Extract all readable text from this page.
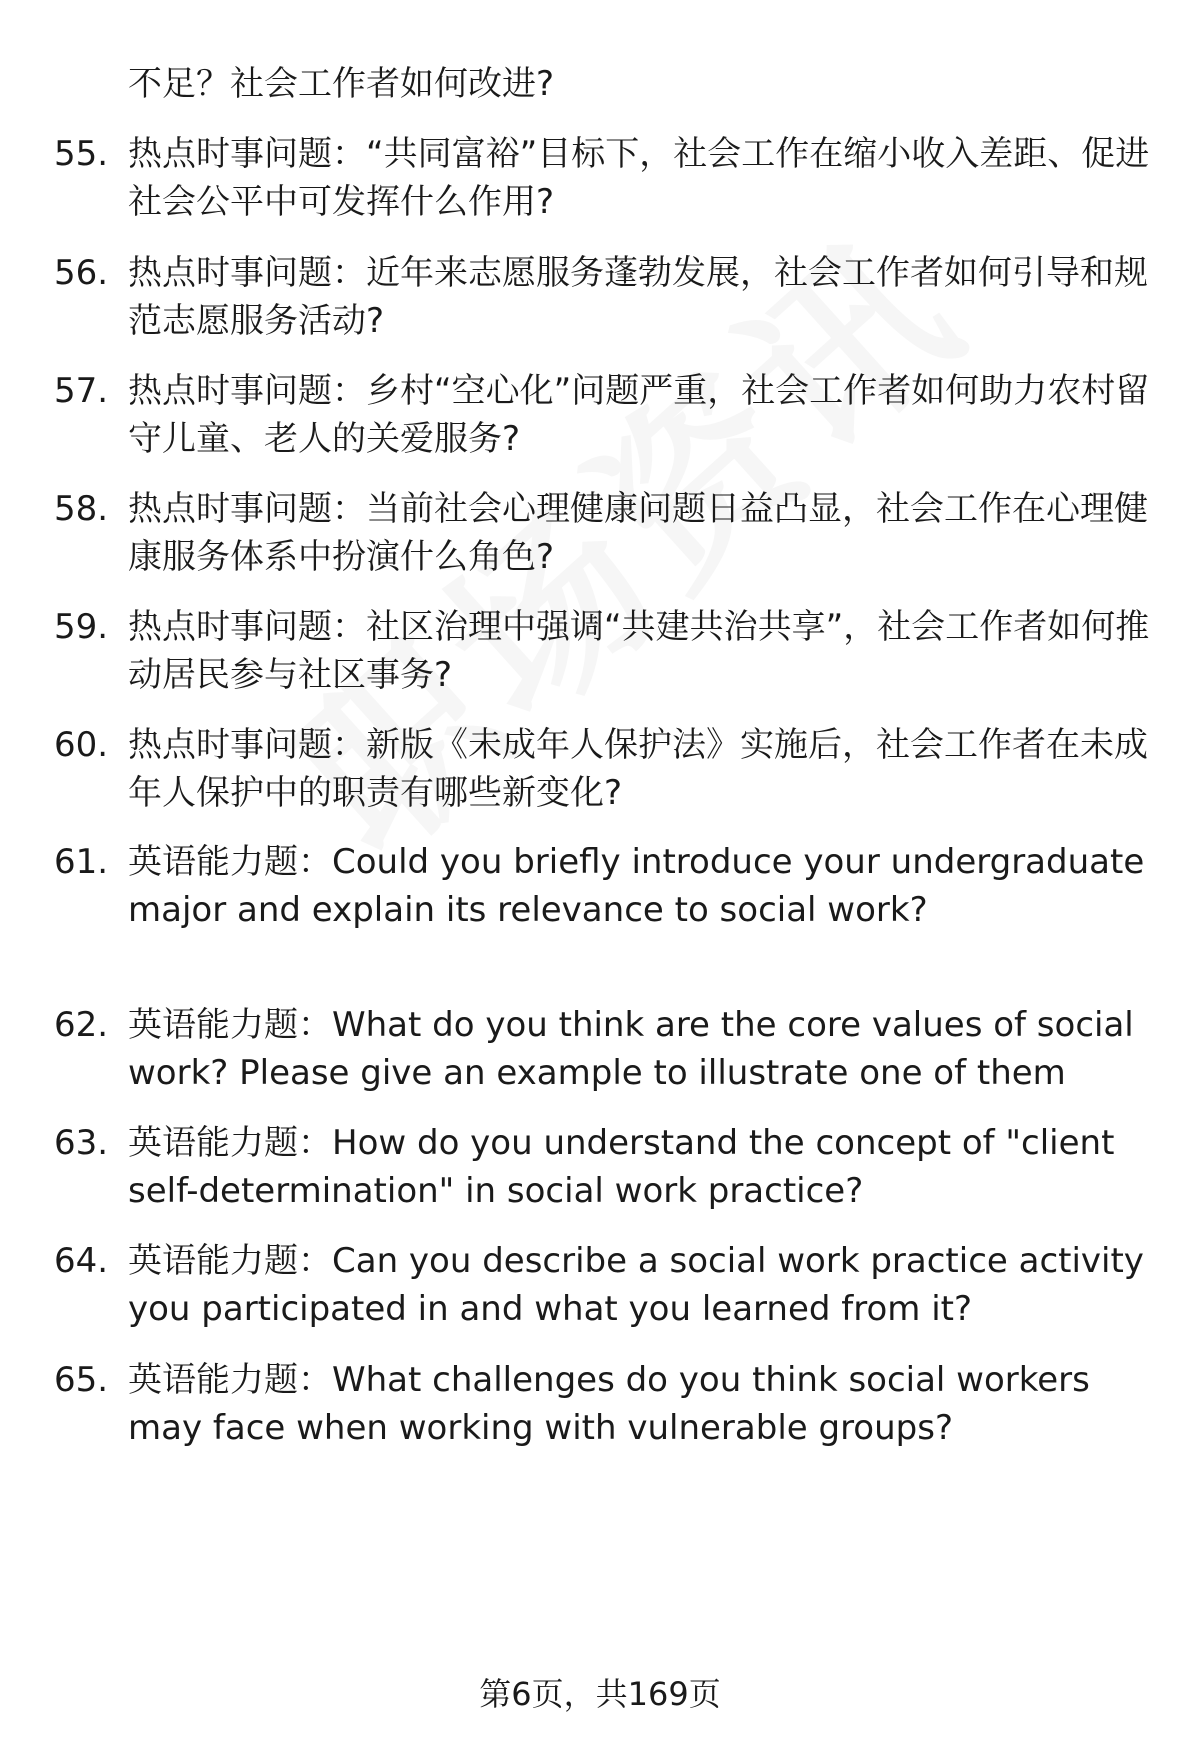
不足？社会工作者如何改进?
55. 热点时事问题：“共同富裕”目标下，社会工作在缩小收入差距、促进社会公平中可发挥什么作用?
56. 热点时事问题：近年来志愿服务蓬勃发展，社会工作者如何引导和规范志愿服务活动?
57. 热点时事问题：乡村“空心化”问题严重，社会工作者如何助力农村留守儿童、老人的关爱服务?
58. 热点时事问题：当前社会心理健康问题日益凸显，社会工作在心理健康服务体系中扮演什么角色?
59. 热点时事问题：社区治理中强调“共建共治共享”，社会工作者如何推动居民参与社区事务?
60. 热点时事问题：新版《未成年人保护法》实施后，社会工作者在未成年人保护中的职责有哪些新变化?
61. 英语能力题：Could you briefly introduce your undergraduate major and explain its relevance to social work?
62. 英语能力题：What do you think are the core values of social work? Please give an example to illustrate one of them
63. 英语能力题：How do you understand the concept of "client self-determination" in social work practice?
64. 英语能力题：Can you describe a social work practice activity you participated in and what you learned from it?
65. 英语能力题：What challenges do you think social workers may face when working with vulnerable groups?
第6页，共169页
